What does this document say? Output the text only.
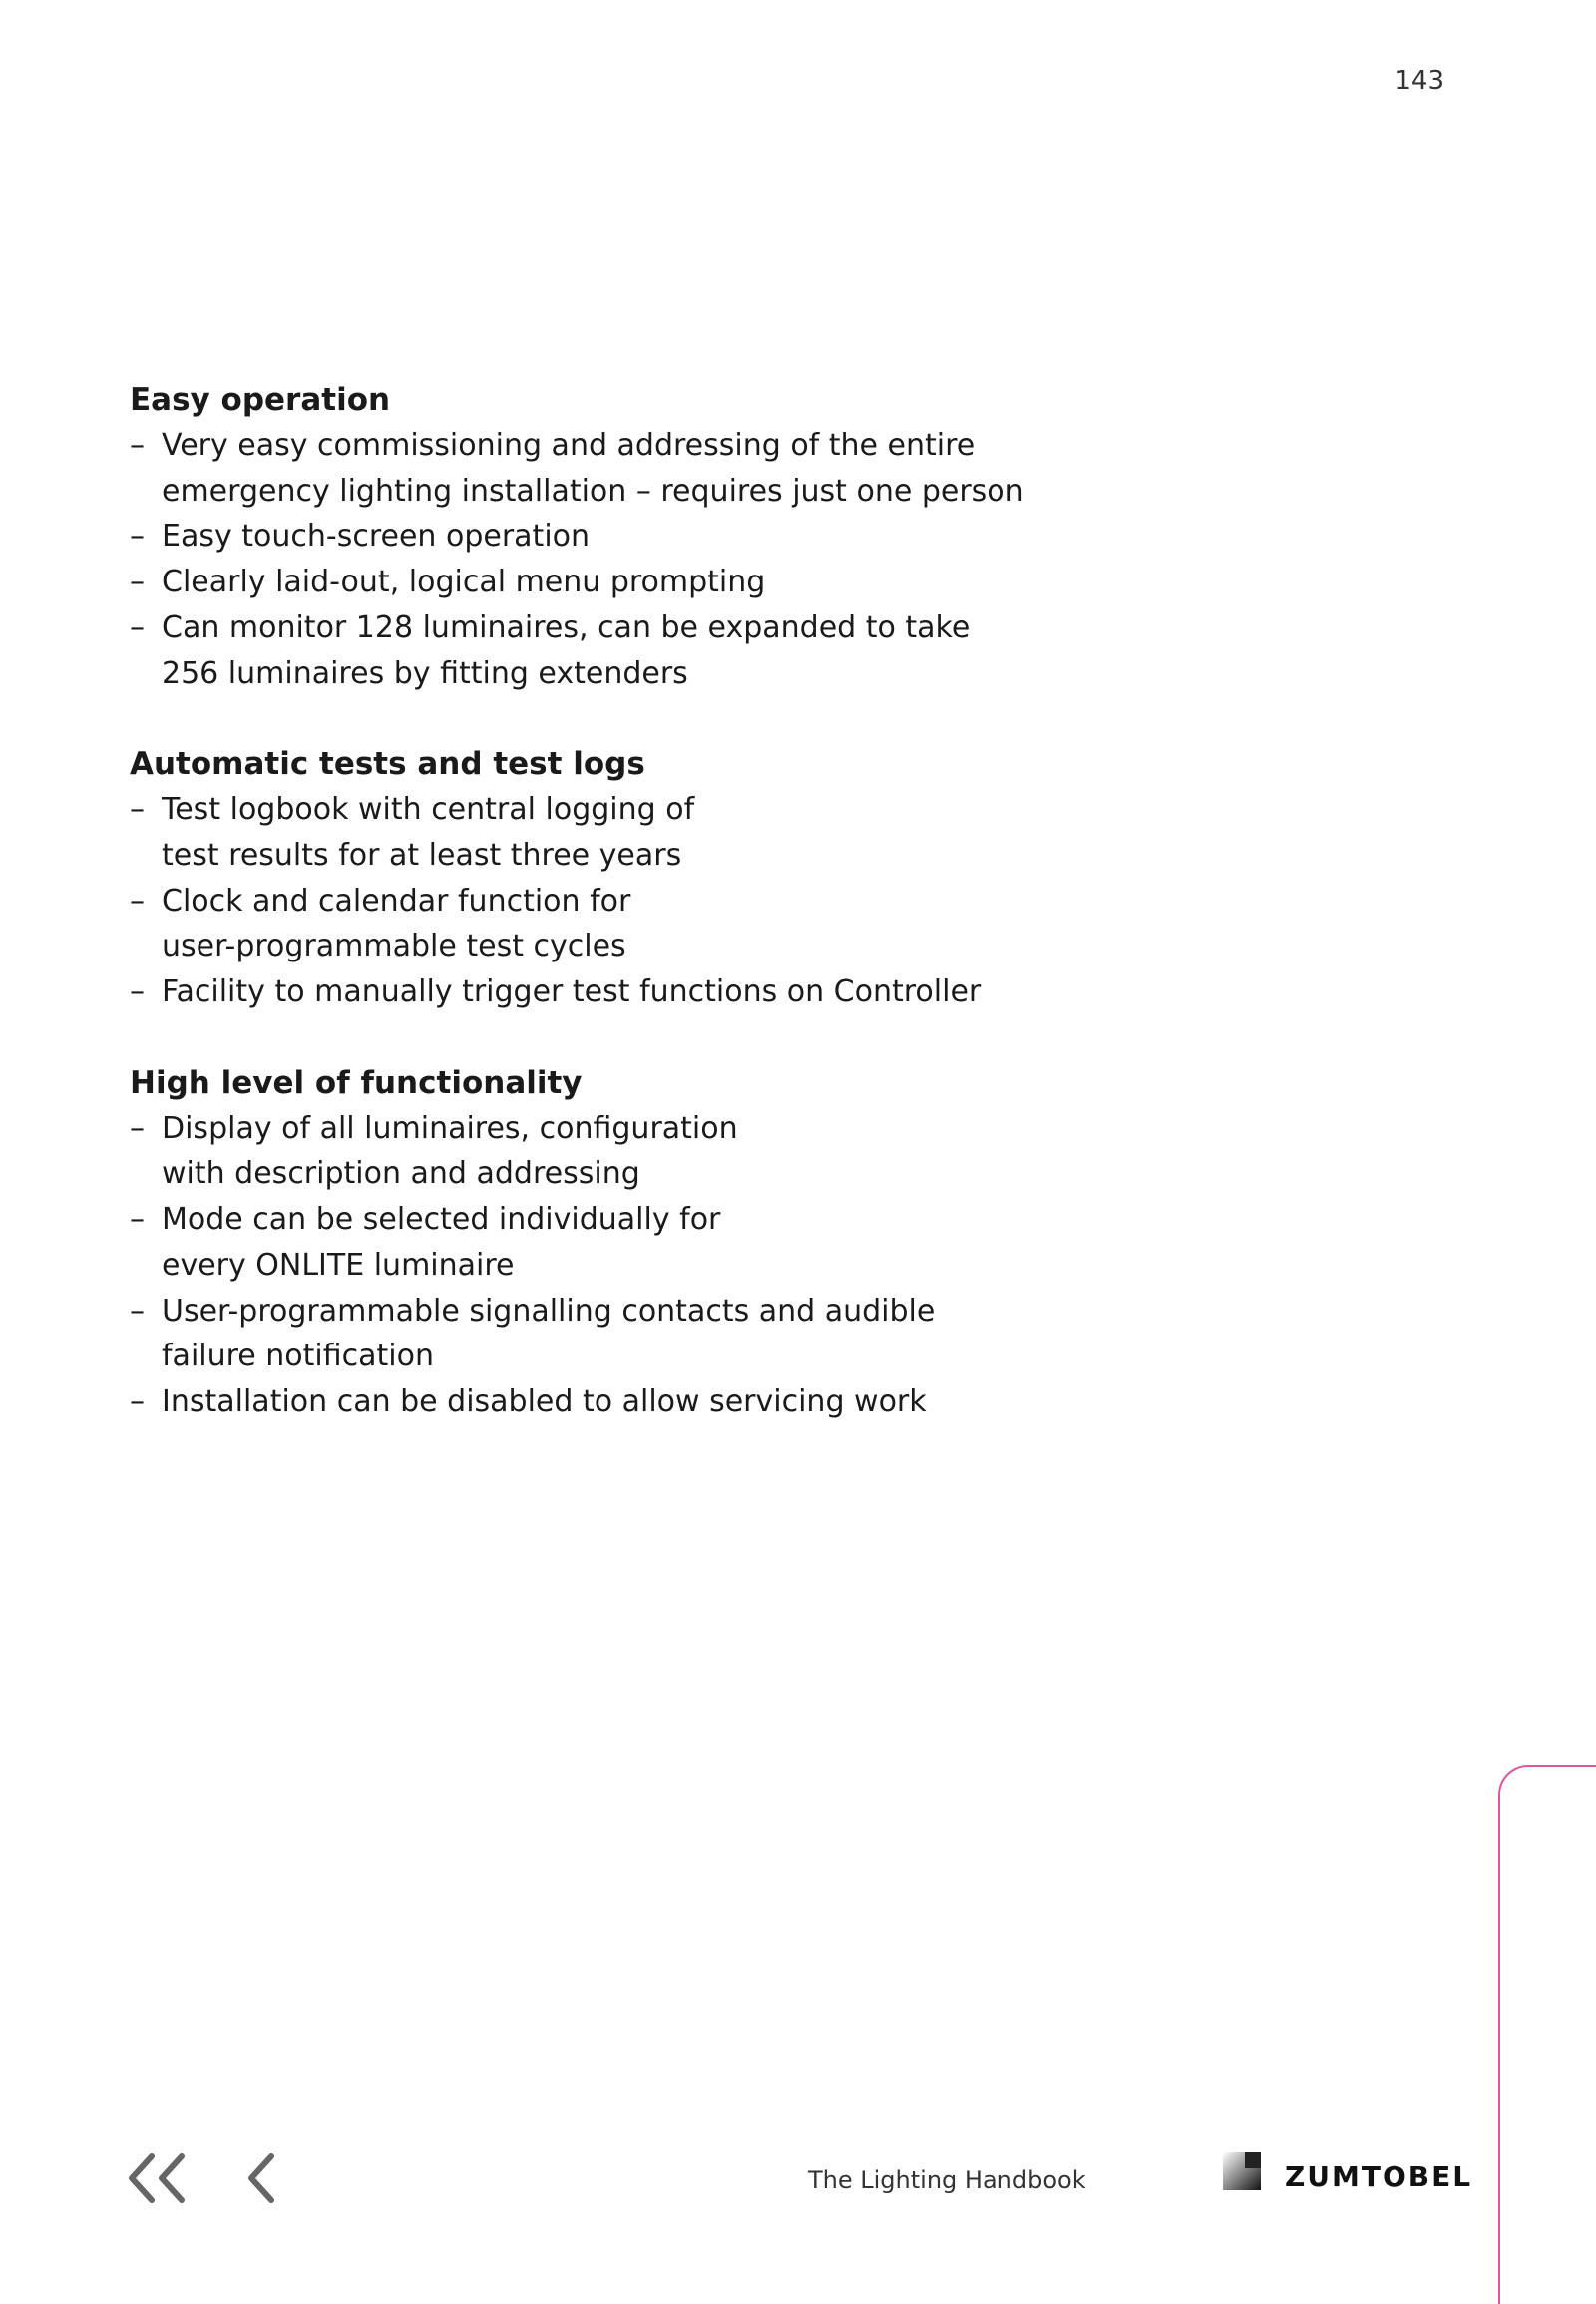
143
Easy operation
– Very easy commissioning and addressing of the entire
emergency lighting installation – requires just one person
– Easy touch-screen operation
– Clearly laid-out, logical menu prompting
– Can monitor 128 luminaires, can be expanded to take
256 luminaires by fitting extenders
Automatic tests and test logs
– Test logbook with central logging of
test results for at least three years
– Clock and calendar function for
user-programmable test cycles
– Facility to manually trigger test functions on Controller
High level of functionality
– Display of all luminaires, configuration
with description and addressing
– Mode can be selected individually for
every ONLITE luminaire
– User-programmable signalling contacts and audible
failure notification
– Installation can be disabled to allow servicing work
The Lighting Handbook	ZUMTOBEL
